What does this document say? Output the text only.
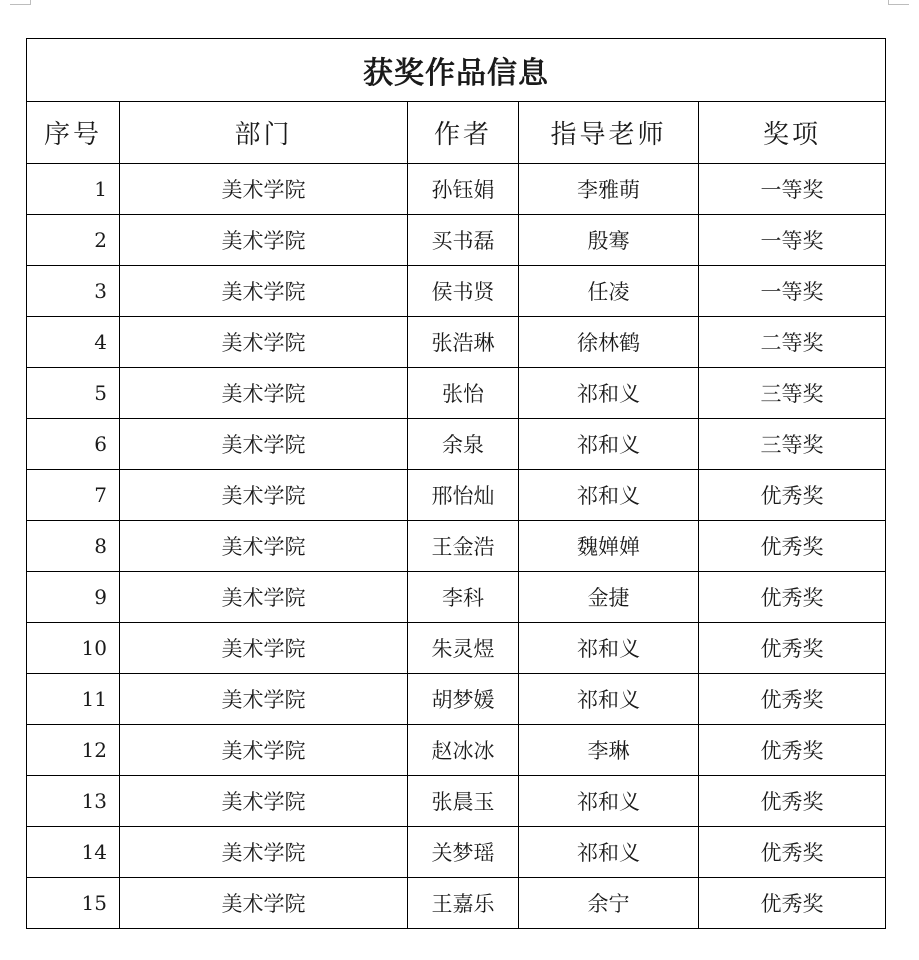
获奖作品信息				
序号	部门	作者	指导老师	奖项
1	美术学院	孙钰娟	李雅萌	一等奖
2	美术学院	买书磊	殷骞	一等奖
3	美术学院	侯书贤	任凌	一等奖
4	美术学院	张浩琳	徐林鹤	二等奖
5	美术学院	张怡	祁和义	三等奖
6	美术学院	余泉	祁和义	三等奖
7	美术学院	邢怡灿	祁和义	优秀奖
8	美术学院	王金浩	魏婵婵	优秀奖
9	美术学院	李科	金捷	优秀奖
10	美术学院	朱灵煜	祁和义	优秀奖
11	美术学院	胡梦媛	祁和义	优秀奖
12	美术学院	赵冰冰	李琳	优秀奖
13	美术学院	张晨玉	祁和义	优秀奖
14	美术学院	关梦瑶	祁和义	优秀奖
15	美术学院	王嘉乐	余宁	优秀奖
